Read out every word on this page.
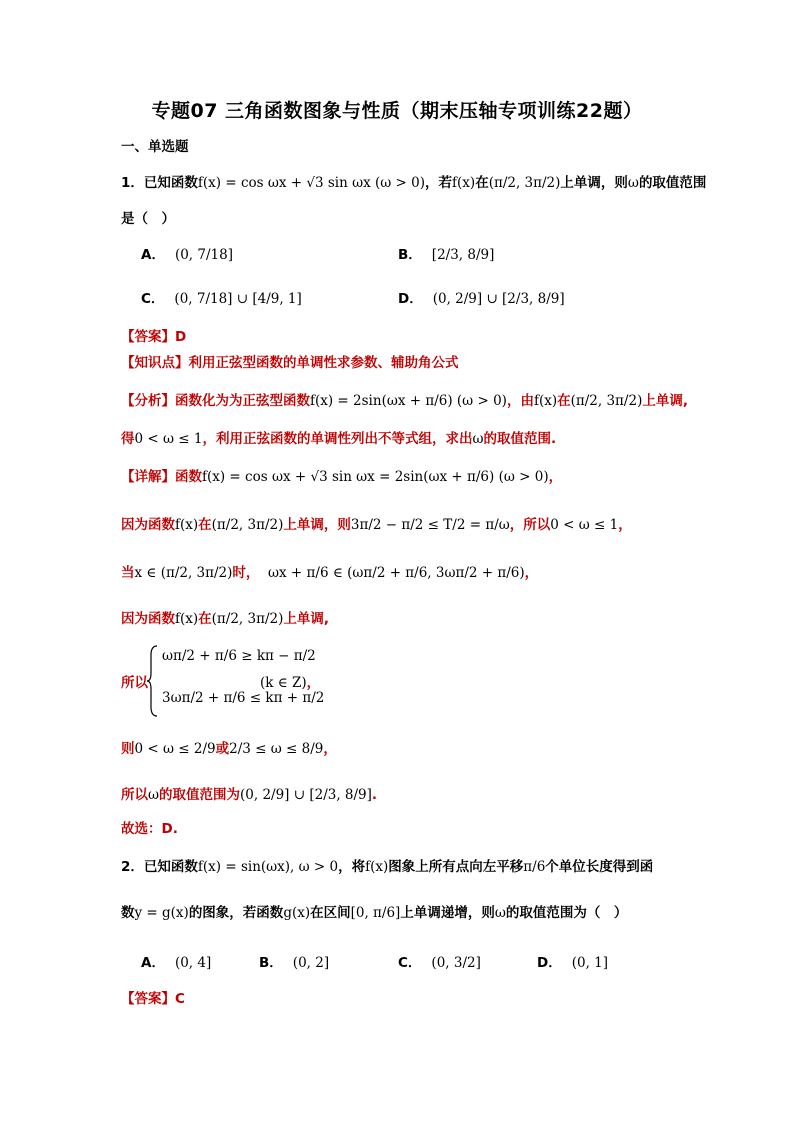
专题07 三角函数图象与性质（期末压轴专项训练22题）
一、单选题
1．已知函数f(x) = cos ωx + √3 sin ωx (ω > 0)，若f(x)在(π/2, 3π/2)上单调，则ω的取值范围
是（　）
A． (0, 7/18]	B． [2/3, 8/9]
C． (0, 7/18] ∪ [4/9, 1]	D． (0, 2/9] ∪ [2/3, 8/9]
【答案】D
【知识点】利用正弦型函数的单调性求参数、辅助角公式
【分析】函数化为为正弦型函数f(x) = 2sin(ωx + π/6) (ω > 0)，由f(x)在(π/2, 3π/2)上单调,
得0 < ω ≤ 1，利用正弦函数的单调性列出不等式组，求出ω的取值范围.
【详解】函数f(x) = cos ωx + √3 sin ωx = 2sin(ωx + π/6) (ω > 0)，
因为函数f(x)在(π/2, 3π/2)上单调，则3π/2 − π/2 ≤ T/2 = π/ω，所以0 < ω ≤ 1，
当x ∈ (π/2, 3π/2)时， ωx + π/6 ∈ (ωπ/2 + π/6, 3ωπ/2 + π/6)，
因为函数f(x)在(π/2, 3π/2)上单调,
所以
ωπ/2 + π/6 ≥ kπ − π/2
3ωπ/2 + π/6 ≤ kπ + π/2
(k ∈ Z)，
则0 < ω ≤ 2/9或2/3 ≤ ω ≤ 8/9，
所以ω的取值范围为(0, 2/9] ∪ [2/3, 8/9].
故选：D.
2．已知函数f(x) = sin(ωx), ω > 0，将f(x)图象上所有点向左平移π/6个单位长度得到函
数y = g(x)的图象，若函数g(x)在区间[0, π/6]上单调递增，则ω的取值范围为（　）
A． (0, 4]	B． (0, 2]	C． (0, 3/2]	D． (0, 1]
【答案】C
